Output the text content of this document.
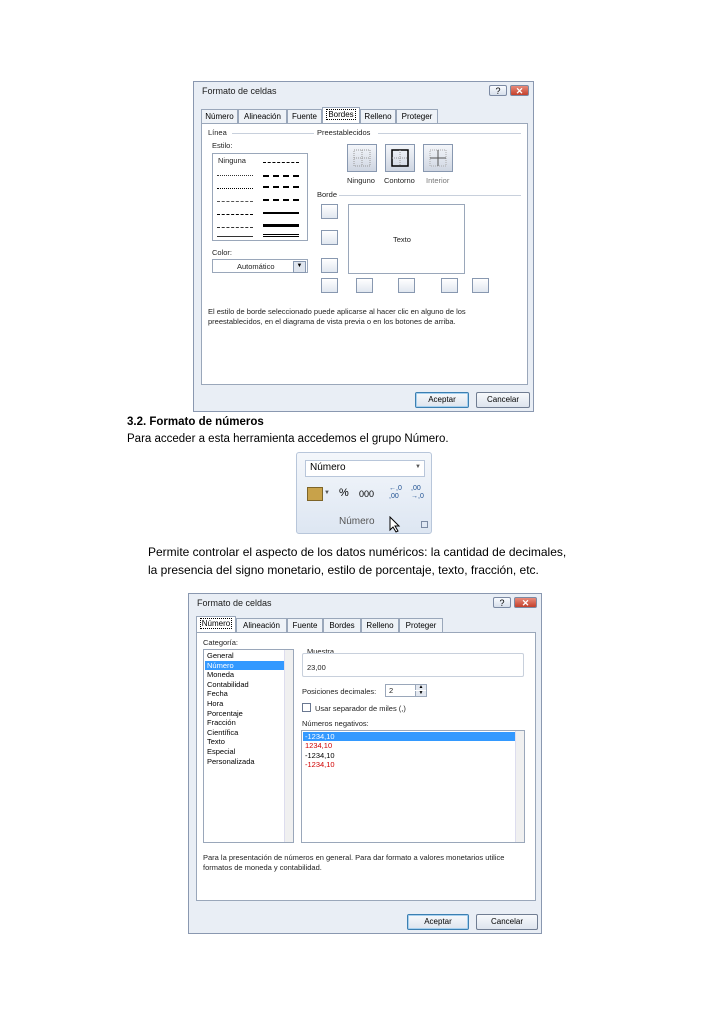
Formato de celdas	?	✕
Número	Alineación	Fuente	Bordes	Relleno	Proteger
Línea
Estilo:
Ninguna
Color:
Automático	▼
Preestablecidos
Ninguno Contorno Interior
Borde
Texto
El estilo de borde seleccionado puede aplicarse al hacer clic en alguno de los
preestablecidos, en el diagrama de vista previa o en los botones de arriba.
Aceptar	Cancelar
3.2. Formato de números
Para acceder a esta herramienta accedemos el grupo Número.
Número	▼
▼ % 000
←,0 ,00
,00 →,0
Número
Permite controlar el aspecto de los datos numéricos: la cantidad de decimales,
la presencia del signo monetario, estilo de porcentaje, texto, fracción, etc.
Formato de celdas	?	✕
Número	Alineación	Fuente	Bordes	Relleno	Proteger
Categoría:
General
Número
Moneda
Contabilidad
Fecha
Hora
Porcentaje
Fracción
Científica
Texto
Especial
Personalizada
Muestra
23,00
Posiciones decimales: 2	▲
▼
Usar separador de miles (,)
Números negativos:
-1234,10
1234,10
-1234,10
-1234,10
Para la presentación de números en general. Para dar formato a valores monetarios utilice
formatos de moneda y contabilidad.
Aceptar	Cancelar
